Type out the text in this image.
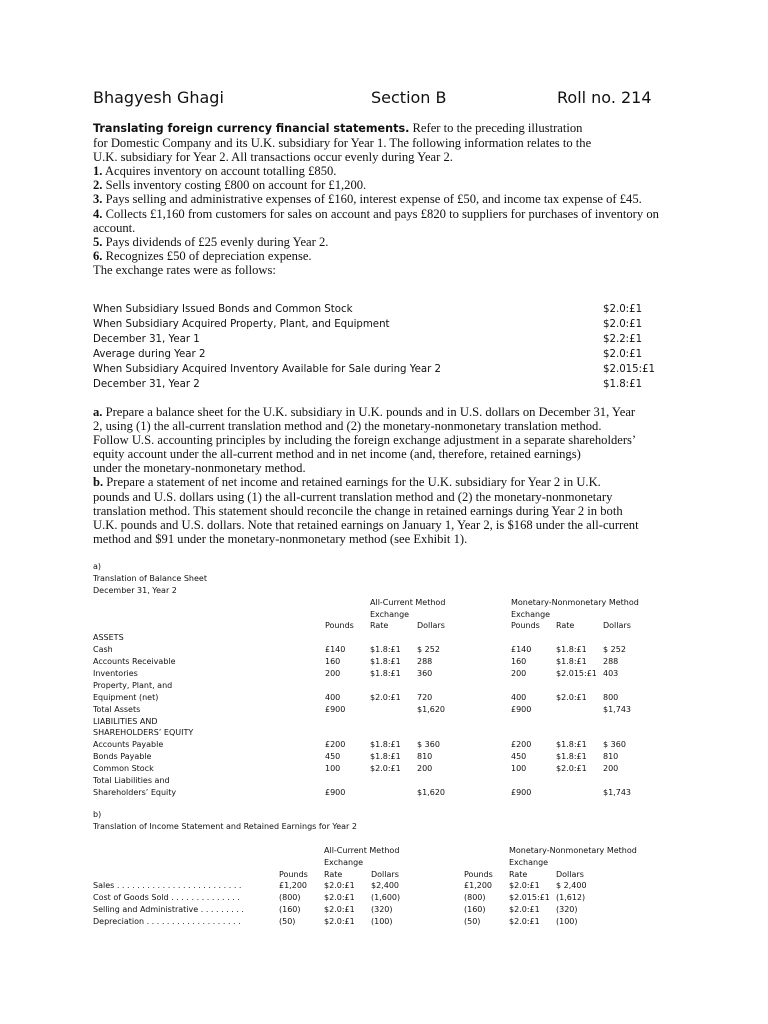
Bhagyesh Ghagi	Section B	Roll no. 214

Translating foreign currency financial statements. Refer to the preceding illustration

for Domestic Company and its U.K. subsidiary for Year 1. The following information relates to the

U.K. subsidiary for Year 2. All transactions occur evenly during Year 2.

1. Acquires inventory on account totalling £850.

2. Sells inventory costing £800 on account for £1,200.

3. Pays selling and administrative expenses of £160, interest expense of £50, and income tax expense of £45.

4. Collects £1,160 from customers for sales on account and pays £820 to suppliers for purchases of inventory on account.

5. Pays dividends of £25 evenly during Year 2.

6. Recognizes £50 of depreciation expense.

The exchange rates were as follows:

When Subsidiary Issued Bonds and Common Stock	$2.0:£1
When Subsidiary Acquired Property, Plant, and Equipment	$2.0:£1
December 31, Year 1	$2.2:£1
Average during Year 2	$2.0:£1
When Subsidiary Acquired Inventory Available for Sale during Year 2	$2.015:£1
December 31, Year 2	$1.8:£1

a. Prepare a balance sheet for the U.K. subsidiary in U.K. pounds and in U.S. dollars on December 31, Year

2, using (1) the all-current translation method and (2) the monetary-nonmonetary translation method.

Follow U.S. accounting principles by including the foreign exchange adjustment in a separate shareholders’

equity account under the all-current method and in net income (and, therefore, retained earnings)

under the monetary-nonmonetary method.

b. Prepare a statement of net income and retained earnings for the U.K. subsidiary for Year 2 in U.K.

pounds and U.S. dollars using (1) the all-current translation method and (2) the monetary-nonmonetary

translation method. This statement should reconcile the change in retained earnings during Year 2 in both

U.K. pounds and U.S. dollars. Note that retained earnings on January 1, Year 2, is $168 under the all-current

method and $91 under the monetary-nonmonetary method (see Exhibit 1).

a)
Translation of Balance Sheet
December 31, Year 2
All-Current Method	Monetary-Nonmonetary Method
Exchange	Exchange
Pounds Rate	Dollars	Pounds Rate	Dollars
ASSETS
Cash	£140	$1.8:£1 $ 252	£140	$1.8:£1 $ 252
Accounts Receivable	160	$1.8:£1 288	160	$1.8:£1 288
Inventories	200	$1.8:£1 360	200	$2.015:£1 403
Property, Plant, and
Equipment (net)	400	$2.0:£1 720	400	$2.0:£1 800
Total Assets	£900	$1,620	£900	$1,743
LIABILITIES AND
SHAREHOLDERS’ EQUITY
Accounts Payable	£200	$1.8:£1 $ 360	£200	$1.8:£1 $ 360
Bonds Payable	450	$1.8:£1 810	450	$1.8:£1 810
Common Stock	100	$2.0:£1 200	100	$2.0:£1 200
Total Liabilities and
Shareholders’ Equity	£900	$1,620	£900	$1,743
b)
Translation of Income Statement and Retained Earnings for Year 2
All-Current Method	Monetary-Nonmonetary Method
Exchange	Exchange
Pounds Rate	Dollars	Pounds Rate	Dollars
Sales . . . . . . . . . . . . . . . . . . . . . . . . .	£1,200 $2.0:£1 $2,400	£1,200 $2.0:£1 $ 2,400
Cost of Goods Sold . . . . . . . . . . . . . .	(800)	$2.0:£1 (1,600)	(800)	$2.015:£1 (1,612)
Selling and Administrative . . . . . . . . .	(160)	$2.0:£1 (320)	(160)	$2.0:£1 (320)
Depreciation . . . . . . . . . . . . . . . . . . .	(50)	$2.0:£1 (100)	(50)	$2.0:£1 (100)
